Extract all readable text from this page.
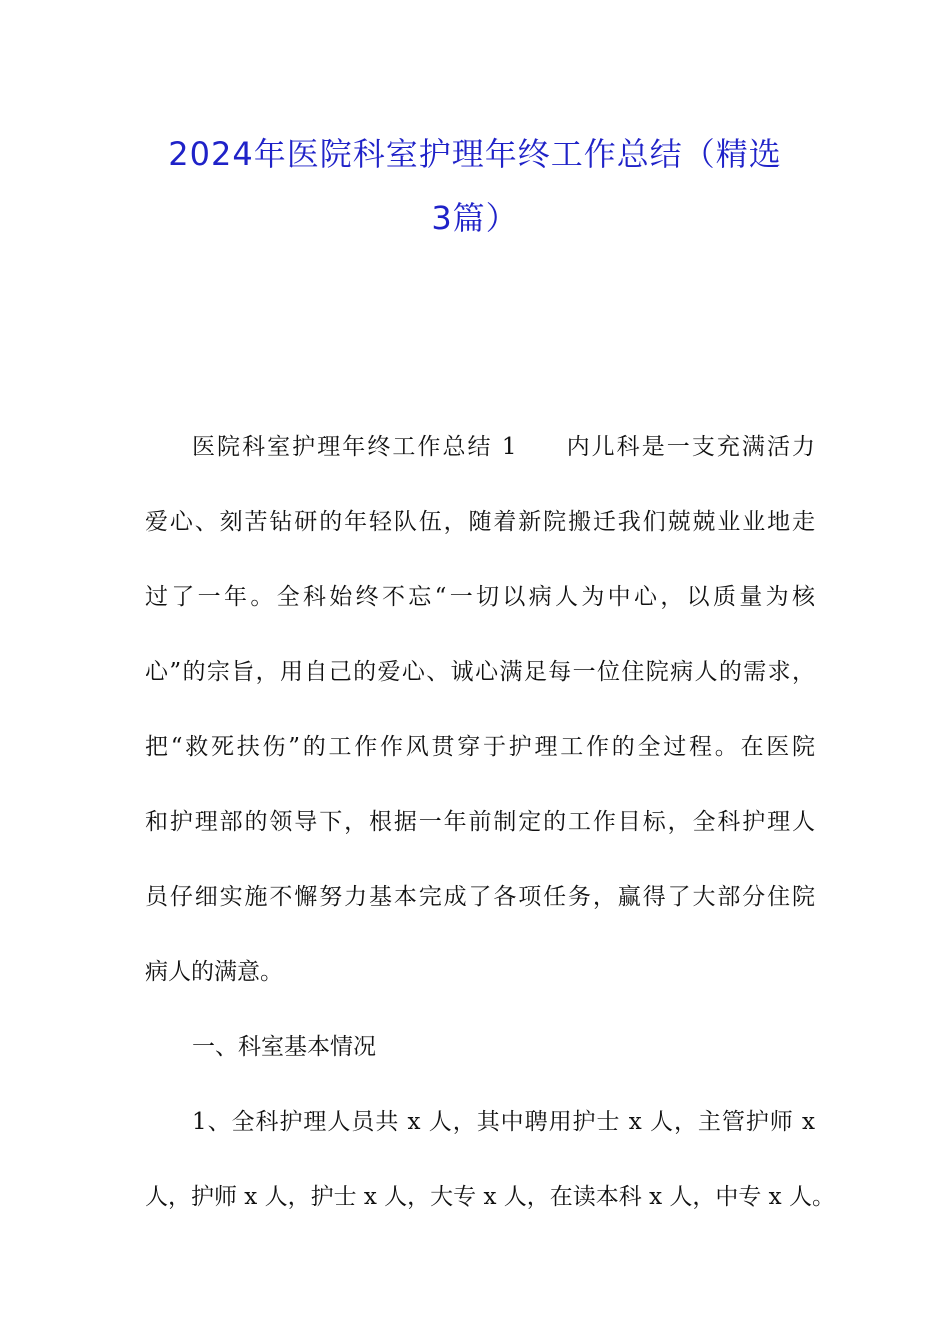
2024年医院科室护理年终工作总结（精选
3篇）
医院科室护理年终工作总结 1 内儿科是一支充满活力
爱心、刻苦钻研的年轻队伍，随着新院搬迁我们兢兢业业地走
过了一年。全科始终不忘“一切以病人为中心，以质量为核
心”的宗旨，用自己的爱心、诚心满足每一位住院病人的需求，
把“救死扶伤”的工作作风贯穿于护理工作的全过程。在医院
和护理部的领导下，根据一年前制定的工作目标，全科护理人
员仔细实施不懈努力基本完成了各项任务，赢得了大部分住院
病人的满意。
一、科室基本情况
1、全科护理人员共 x 人，其中聘用护士 x 人，主管护师 x
人，护师 x 人，护士 x 人，大专 x 人，在读本科 x 人，中专 x 人。
